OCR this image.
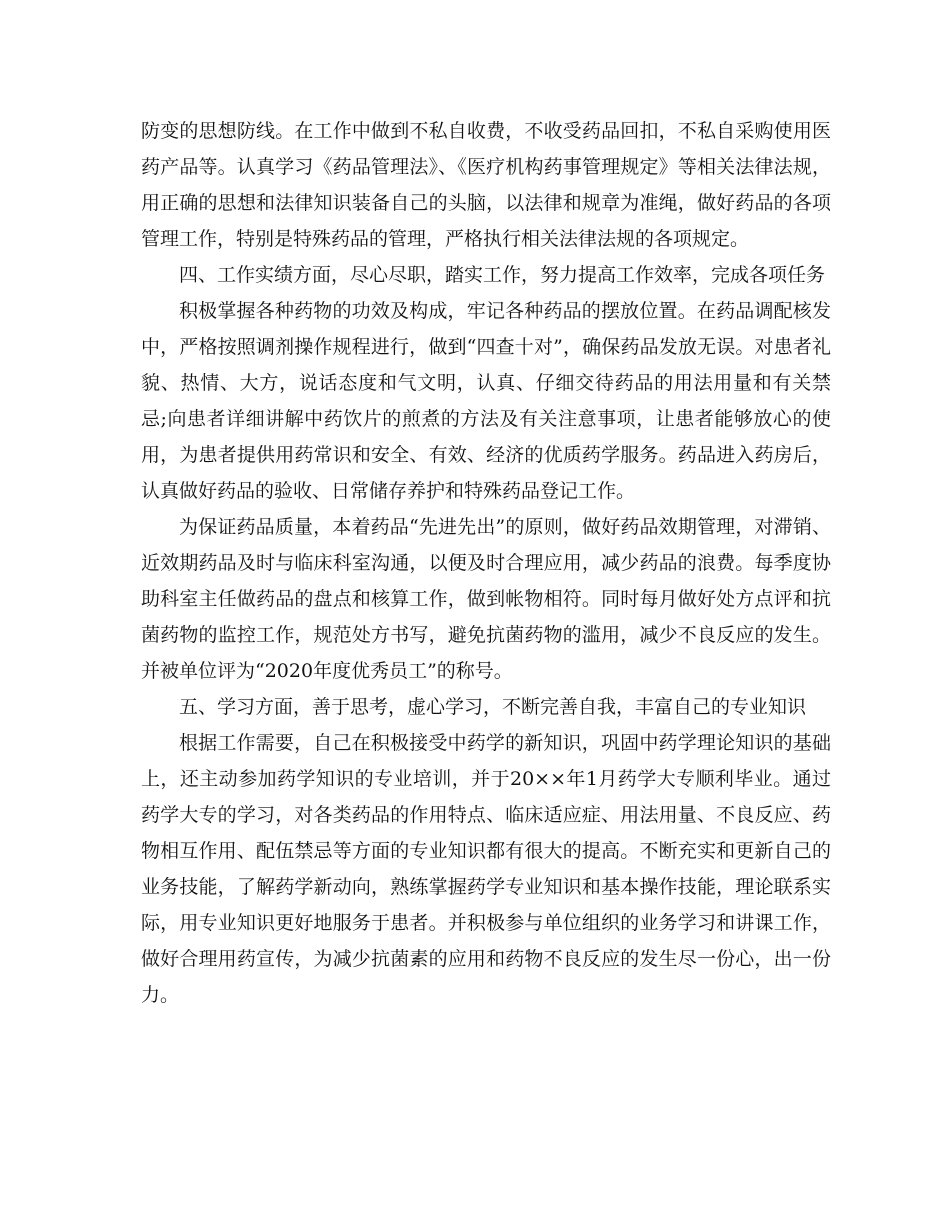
防变的思想防线。在工作中做到不私自收费，不收受药品回扣，不私自采购使用医药产品等。认真学习《药品管理法》、《医疗机构药事管理规定》等相关法律法规，用正确的思想和法律知识装备自己的头脑，以法律和规章为准绳，做好药品的各项管理工作，特别是特殊药品的管理，严格执行相关法律法规的各项规定。

四、工作实绩方面，尽心尽职，踏实工作，努力提高工作效率，完成各项任务

积极掌握各种药物的功效及构成，牢记各种药品的摆放位置。在药品调配核发中，严格按照调剂操作规程进行，做到“四查十对”，确保药品发放无误。对患者礼貌、热情、大方，说话态度和气文明，认真、仔细交待药品的用法用量和有关禁忌;向患者详细讲解中药饮片的煎煮的方法及有关注意事项，让患者能够放心的使用，为患者提供用药常识和安全、有效、经济的优质药学服务。药品进入药房后，认真做好药品的验收、日常储存养护和特殊药品登记工作。

为保证药品质量，本着药品“先进先出”的原则，做好药品效期管理，对滞销、近效期药品及时与临床科室沟通，以便及时合理应用，减少药品的浪费。每季度协助科室主任做药品的盘点和核算工作，做到帐物相符。同时每月做好处方点评和抗菌药物的监控工作，规范处方书写，避免抗菌药物的滥用，减少不良反应的发生。并被单位评为“2020年度优秀员工”的称号。

五、学习方面，善于思考，虚心学习，不断完善自我，丰富自己的专业知识

根据工作需要，自己在积极接受中药学的新知识，巩固中药学理论知识的基础上，还主动参加药学知识的专业培训，并于20××年1月药学大专顺利毕业。通过药学大专的学习，对各类药品的作用特点、临床适应症、用法用量、不良反应、药物相互作用、配伍禁忌等方面的专业知识都有很大的提高。不断充实和更新自己的业务技能，了解药学新动向，熟练掌握药学专业知识和基本操作技能，理论联系实际，用专业知识更好地服务于患者。并积极参与单位组织的业务学习和讲课工作，做好合理用药宣传，为减少抗菌素的应用和药物不良反应的发生尽一份心，出一份力。
